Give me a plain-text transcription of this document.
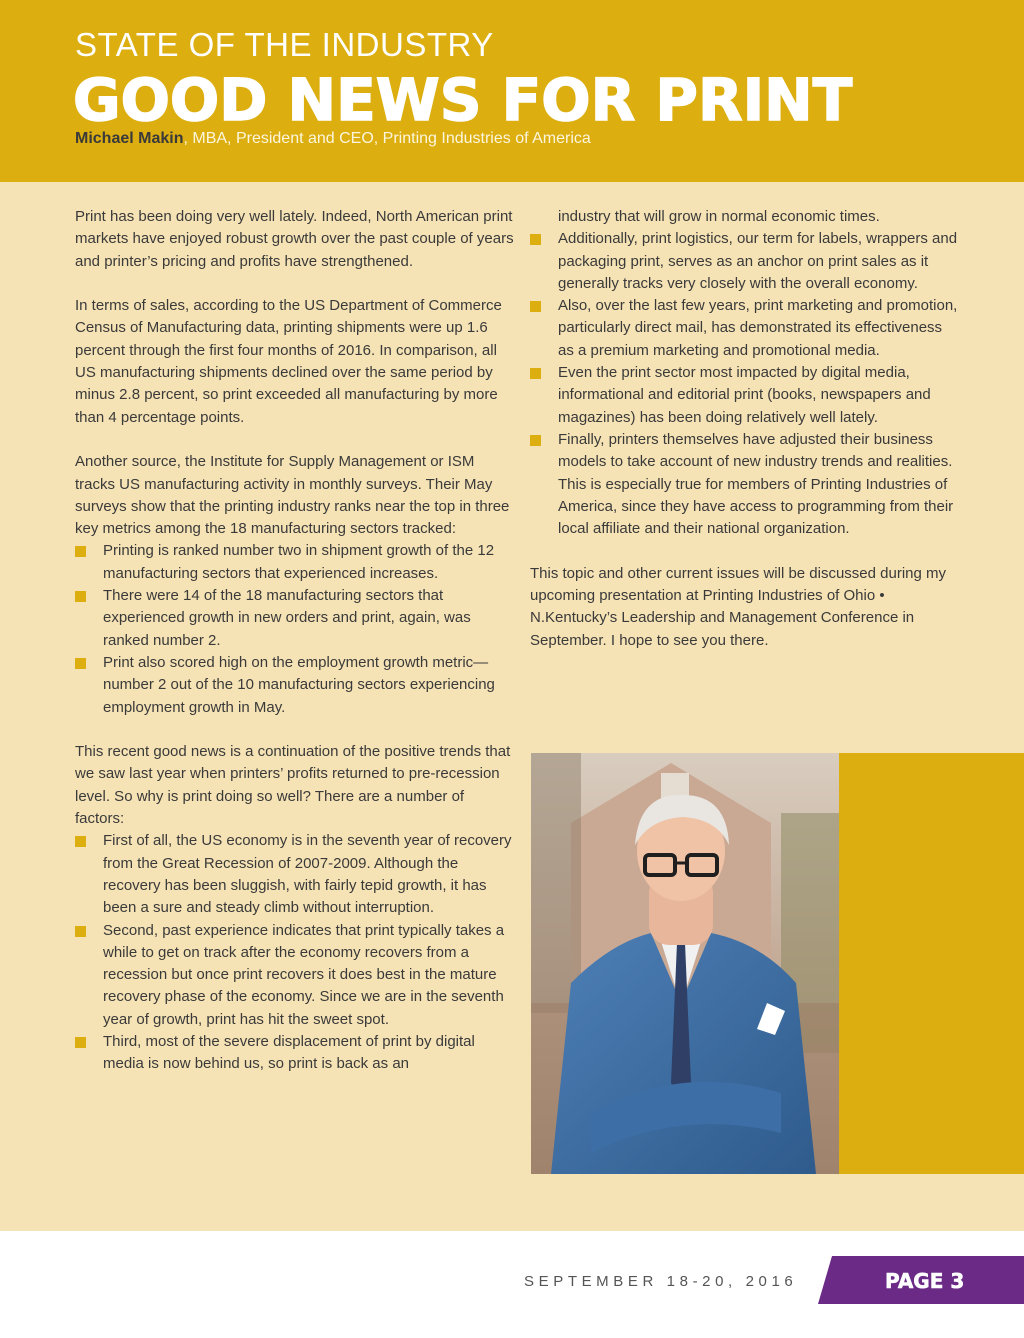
STATE OF THE INDUSTRY
GOOD NEWS FOR PRINT
Michael Makin, MBA, President and CEO, Printing Industries of America

Print has been doing very well lately. Indeed, North American print markets have enjoyed robust growth over the past couple of years and printer’s pricing and profits have strengthened.

In terms of sales, according to the US Department of Commerce Census of Manufacturing data, printing shipments were up 1.6 percent through the first four months of 2016. In comparison, all US manufacturing shipments declined over the same period by minus 2.8 percent, so print exceeded all manufacturing by more than 4 percentage points.

Another source, the Institute for Supply Management or ISM tracks US manufacturing activity in monthly surveys. Their May surveys show that the printing industry ranks near the top in three key metrics among the 18 manufacturing sectors tracked:

Printing is ranked number two in shipment growth of the 12 manufacturing sectors that experienced increases.

There were 14 of the 18 manufacturing sectors that experienced growth in new orders and print, again, was ranked number 2.

Print also scored high on the employment growth metric—number 2 out of the 10 manufacturing sectors experiencing employment growth in May.

This recent good news is a continuation of the positive trends that we saw last year when printers’ profits returned to pre-recession level. So why is print doing so well? There are a number of factors:

First of all, the US economy is in the seventh year of recovery from the Great Recession of 2007-2009. Although the recovery has been sluggish, with fairly tepid growth, it has been a sure and steady climb without interruption.

Second, past experience indicates that print typically takes a while to get on track after the economy recovers from a recession but once print recovers it does best in the mature recovery phase of the economy. Since we are in the seventh year of growth, print has hit the sweet spot.

Third, most of the severe displacement of print by digital media is now behind us, so print is back as an

industry that will grow in normal economic times.

Additionally, print logistics, our term for labels, wrappers and packaging print, serves as an anchor on print sales as it generally tracks very closely with the overall economy.

Also, over the last few years, print marketing and promotion, particularly direct mail, has demonstrated its effectiveness as a premium marketing and promotional media.

Even the print sector most impacted by digital media, informational and editorial print (books, newspapers and magazines) has been doing relatively well lately.

Finally, printers themselves have adjusted their business models to take account of new industry trends and realities. This is especially true for members of Printing Industries of America, since they have access to programming from their local affiliate and their national organization.

This topic and other current issues will be discussed during my upcoming presentation at Printing Industries of Ohio • N.Kentucky’s Leadership and Management Conference in September. I hope to see you there.

SEPTEMBER 18-20, 2016	PAGE 3
